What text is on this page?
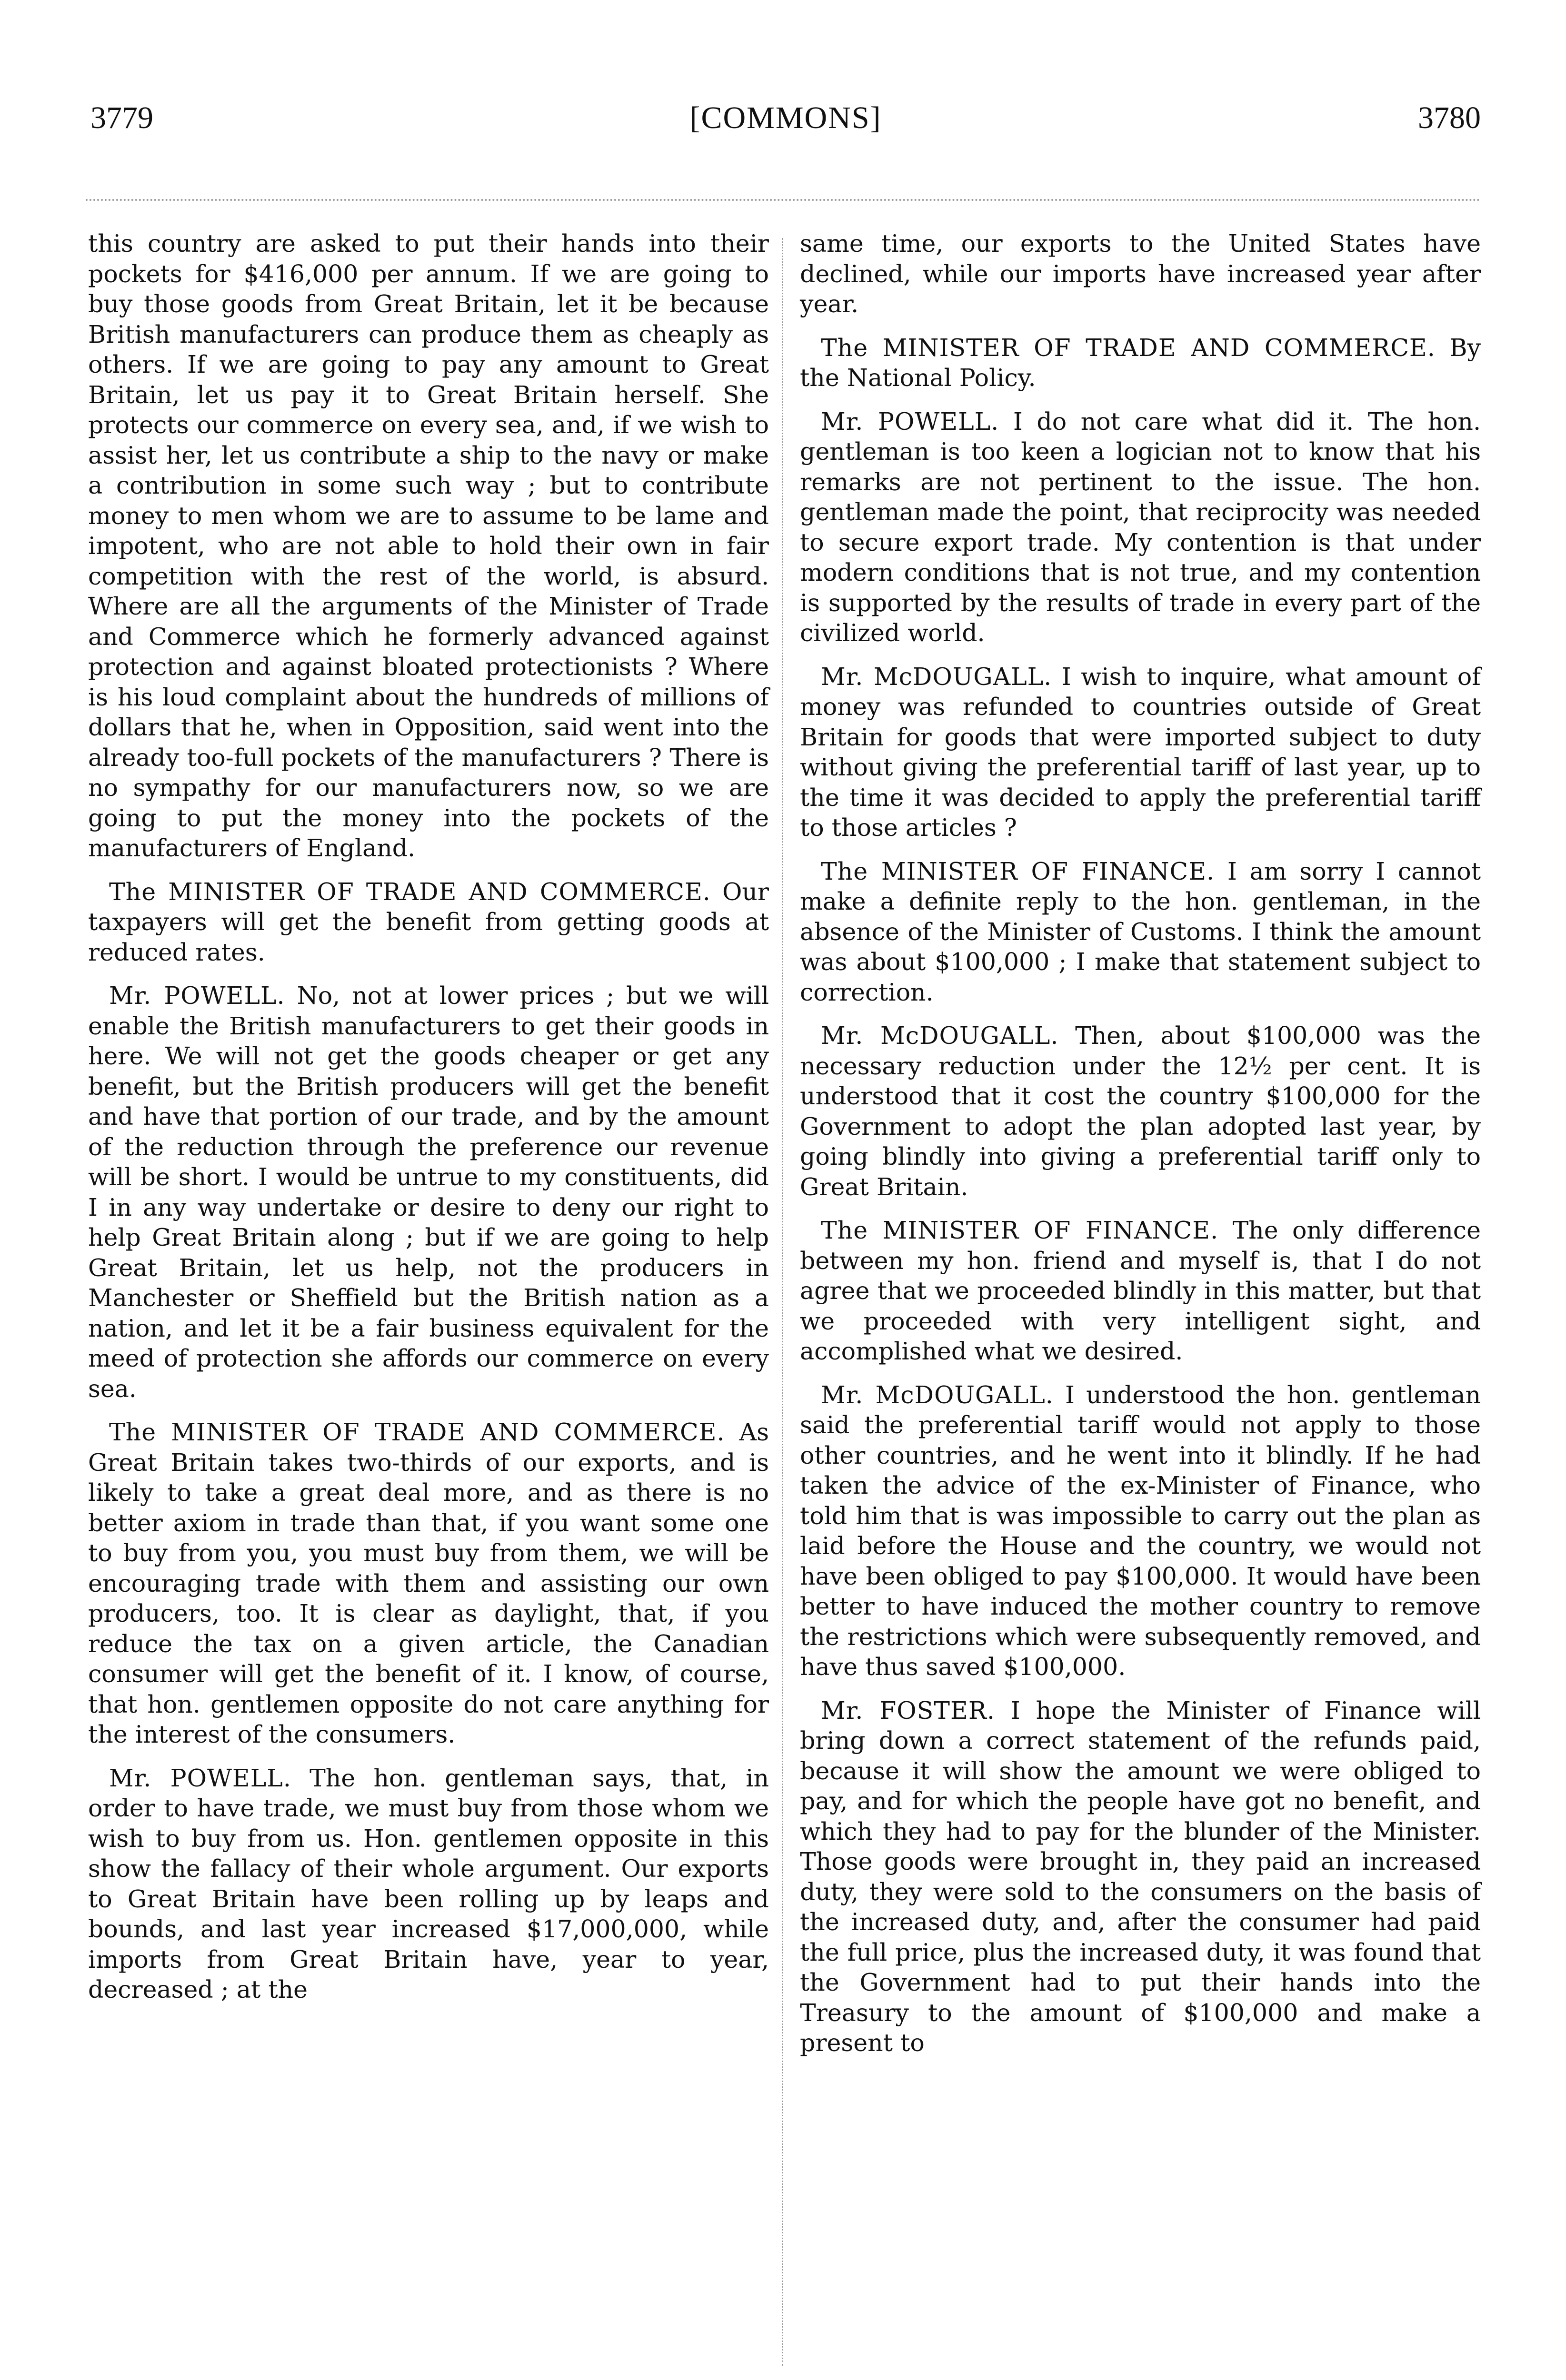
3779	[COMMONS]	3780

this country are asked to put their hands into their pockets for $416,000 per annum. If we are going to buy those goods from Great Britain, let it be because British manufacturers can produce them as cheaply as others. If we are going to pay any amount to Great Britain, let us pay it to Great Britain herself. She protects our commerce on every sea, and, if we wish to assist her, let us contribute a ship to the navy or make a contribution in some such way ; but to contribute money to men whom we are to assume to be lame and impotent, who are not able to hold their own in fair competition with the rest of the world, is absurd. Where are all the arguments of the Minister of Trade and Commerce which he formerly advanced against protection and against bloated protectionists ? Where is his loud complaint about the hundreds of millions of dollars that he, when in Opposition, said went into the already too-full pockets of the manufacturers ? There is no sympathy for our manufacturers now, so we are going to put the money into the pockets of the manufacturers of England.

The MINISTER OF TRADE AND COMMERCE. Our taxpayers will get the benefit from getting goods at reduced rates.

Mr. POWELL. No, not at lower prices ; but we will enable the British manufacturers to get their goods in here. We will not get the goods cheaper or get any benefit, but the British producers will get the benefit and have that portion of our trade, and by the amount of the reduction through the preference our revenue will be short. I would be untrue to my constituents, did I in any way undertake or desire to deny our right to help Great Britain along ; but if we are going to help Great Britain, let us help, not the producers in Manchester or Sheffield but the British nation as a nation, and let it be a fair business equivalent for the meed of protection she affords our commerce on every sea.

The MINISTER OF TRADE AND COMMERCE. As Great Britain takes two-thirds of our exports, and is likely to take a great deal more, and as there is no better axiom in trade than that, if you want some one to buy from you, you must buy from them, we will be encouraging trade with them and assisting our own producers, too. It is clear as daylight, that, if you reduce the tax on a given article, the Canadian consumer will get the benefit of it. I know, of course, that hon. gentlemen opposite do not care anything for the interest of the consumers.

Mr. POWELL. The hon. gentleman says, that, in order to have trade, we must buy from those whom we wish to buy from us. Hon. gentlemen opposite in this show the fallacy of their whole argument. Our exports to Great Britain have been rolling up by leaps and bounds, and last year increased $17,000,000, while imports from Great Britain have, year to year, decreased ; at the

same time, our exports to the United States have declined, while our imports have increased year after year.

The MINISTER OF TRADE AND COMMERCE. By the National Policy.

Mr. POWELL. I do not care what did it. The hon. gentleman is too keen a logician not to know that his remarks are not pertinent to the issue. The hon. gentleman made the point, that reciprocity was needed to secure export trade. My contention is that under modern conditions that is not true, and my contention is supported by the results of trade in every part of the civilized world.

Mr. McDOUGALL. I wish to inquire, what amount of money was refunded to countries outside of Great Britain for goods that were imported subject to duty without giving the preferential tariff of last year, up to the time it was decided to apply the preferential tariff to those articles ?

The MINISTER OF FINANCE. I am sorry I cannot make a definite reply to the hon. gentleman, in the absence of the Minister of Customs. I think the amount was about $100,000 ; I make that statement subject to correction.

Mr. McDOUGALL. Then, about $100,000 was the necessary reduction under the 12½ per cent. It is understood that it cost the country $100,000 for the Government to adopt the plan adopted last year, by going blindly into giving a preferential tariff only to Great Britain.

The MINISTER OF FINANCE. The only difference between my hon. friend and myself is, that I do not agree that we proceeded blindly in this matter, but that we proceeded with very intelligent sight, and accomplished what we desired.

Mr. McDOUGALL. I understood the hon. gentleman said the preferential tariff would not apply to those other countries, and he went into it blindly. If he had taken the advice of the ex-Minister of Finance, who told him that is was impossible to carry out the plan as laid before the House and the country, we would not have been obliged to pay $100,000. It would have been better to have induced the mother country to remove the restrictions which were subsequently removed, and have thus saved $100,000.

Mr. FOSTER. I hope the Minister of Finance will bring down a correct statement of the refunds paid, because it will show the amount we were obliged to pay, and for which the people have got no benefit, and which they had to pay for the blunder of the Minister. Those goods were brought in, they paid an increased duty, they were sold to the consumers on the basis of the increased duty, and, after the consumer had paid the full price, plus the increased duty, it was found that the Government had to put their hands into the Treasury to the amount of $100,000 and make a present to
